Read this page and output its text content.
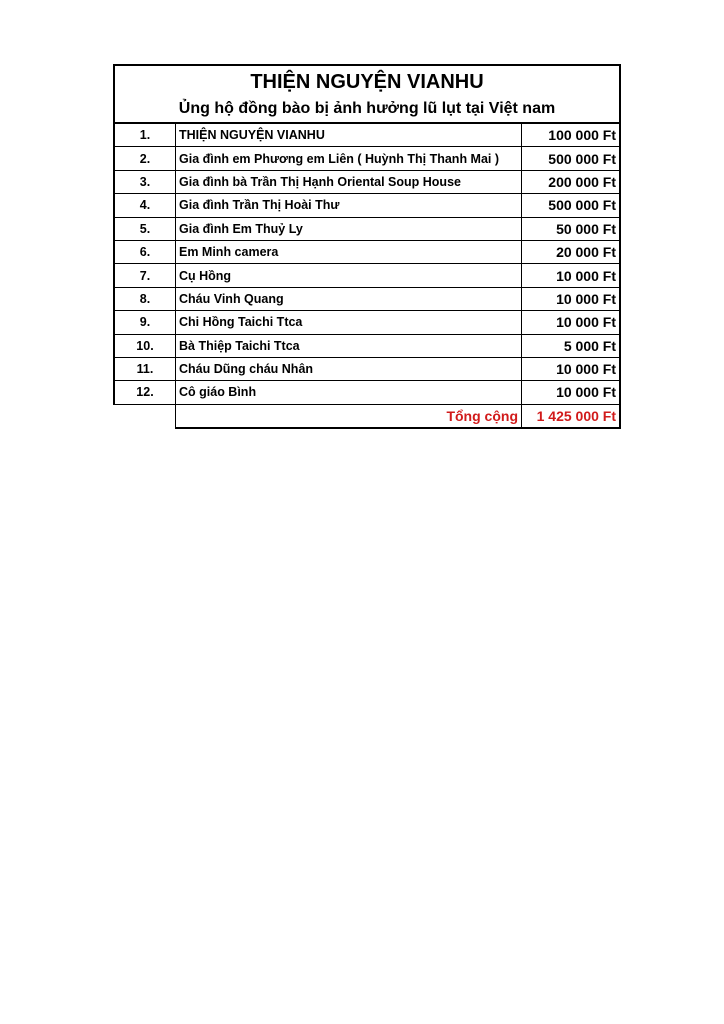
THIỆN NGUYỆN VIANHU
Ủng hộ đồng bào bị ảnh hưởng lũ lụt tại Việt nam
1.	THIỆN NGUYỆN VIANHU	100 000 Ft
2.	Gia đình em Phương em Liên ( Huỳnh Thị Thanh Mai )	500 000 Ft
3.	Gia đình bà Trần Thị Hạnh Oriental Soup House	200 000 Ft
4.	Gia đình Trần Thị Hoài Thư	500 000 Ft
5.	Gia đình Em Thuỷ Ly	50 000 Ft
6.	Em Minh camera	20 000 Ft
7.	Cụ Hồng	10 000 Ft
8.	Cháu Vinh Quang	10 000 Ft
9.	Chi Hồng Taichi Ttca	10 000 Ft
10.	Bà Thiệp Taichi Ttca	5 000 Ft
11.	Cháu Dũng cháu Nhân	10 000 Ft
12.	Cô giáo Bình	10 000 Ft
	Tổng cộng	1 425 000 Ft
